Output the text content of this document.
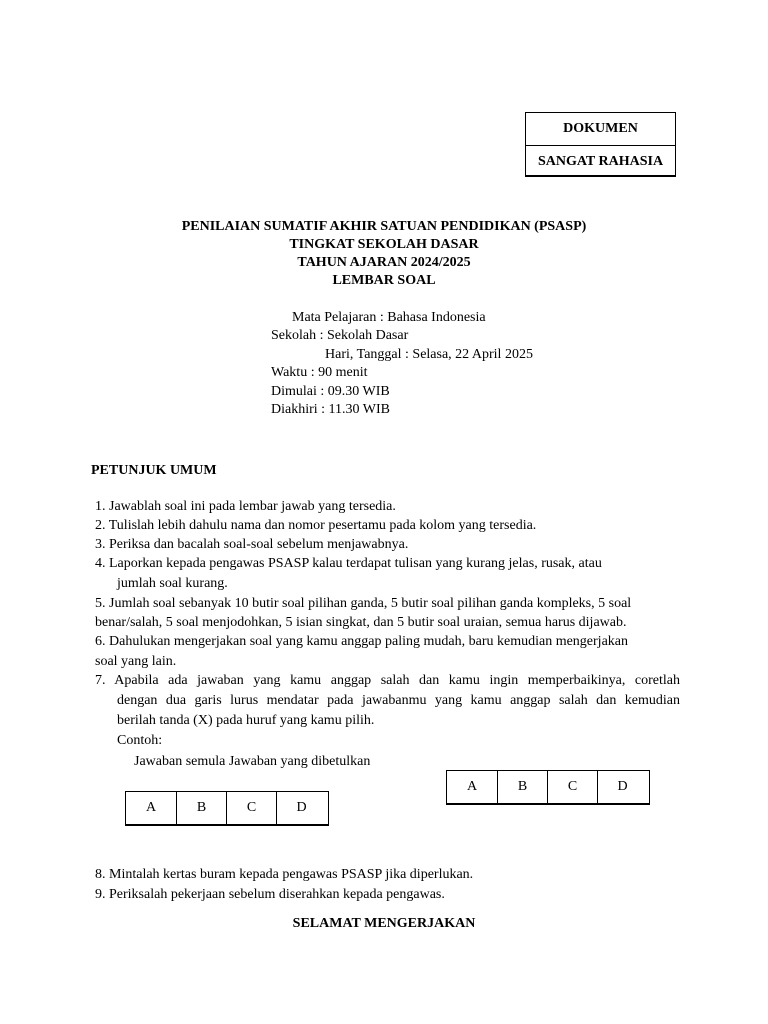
DOKUMEN
SANGAT RAHASIA
PENILAIAN SUMATIF AKHIR SATUAN PENDIDIKAN (PSASP)
TINGKAT SEKOLAH DASAR
TAHUN AJARAN 2024/2025
LEMBAR SOAL
Mata Pelajaran : Bahasa Indonesia
Sekolah : Sekolah Dasar
Hari, Tanggal : Selasa, 22 April 2025
Waktu : 90 menit
Dimulai : 09.30 WIB
Diakhiri : 11.30 WIB
PETUNJUK UMUM
1. Jawablah soal ini pada lembar jawab yang tersedia.
2. Tulislah lebih dahulu nama dan nomor pesertamu pada kolom yang tersedia.
3. Periksa dan bacalah soal-soal sebelum menjawabnya.
4. Laporkan kepada pengawas PSASP kalau terdapat tulisan yang kurang jelas, rusak, atau
jumlah soal kurang.
5. Jumlah soal sebanyak 10 butir soal pilihan ganda, 5 butir soal pilihan ganda kompleks, 5 soal
benar/salah, 5 soal menjodohkan, 5 isian singkat, dan 5 butir soal uraian, semua harus dijawab.
6. Dahulukan mengerjakan soal yang kamu anggap paling mudah, baru kemudian mengerjakan
soal yang lain.
7. Apabila ada jawaban yang kamu anggap salah dan kamu ingin memperbaikinya, coretlah
dengan dua garis lurus mendatar pada jawabanmu yang kamu anggap salah dan kemudian
berilah tanda (X) pada huruf yang kamu pilih.
Contoh:
Jawaban semula Jawaban yang dibetulkan
A	B	C	D
A	B	C	D
8. Mintalah kertas buram kepada pengawas PSASP jika diperlukan.
9. Periksalah pekerjaan sebelum diserahkan kepada pengawas.
SELAMAT MENGERJAKAN
